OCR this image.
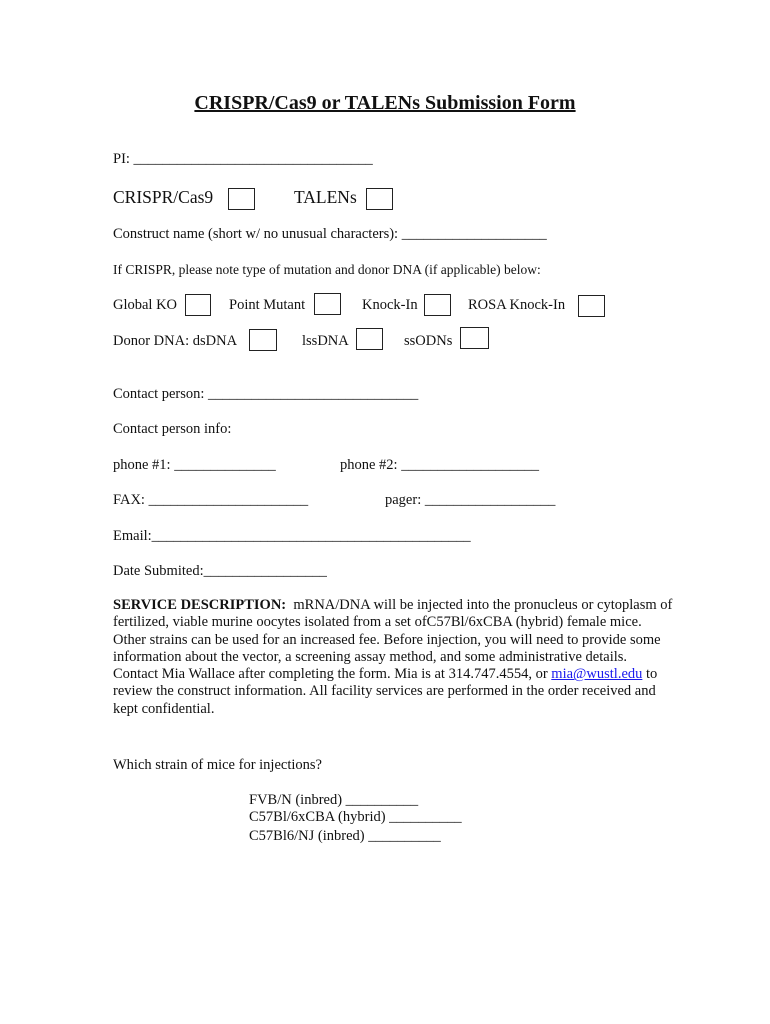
CRISPR/Cas9 or TALENs Submission Form
PI: _________________________________
CRISPR/Cas9	TALENs
Construct name (short w/ no unusual characters): ____________________
If CRISPR, please note type of mutation and donor DNA (if applicable) below:
Global KO	Point Mutant	Knock-In	ROSA Knock-In
Donor DNA: dsDNA	lssDNA	ssODNs
Contact person: _____________________________
Contact person info:
phone #1: ______________	phone #2: ___________________
FAX: ______________________	pager: __________________
Email:____________________________________________
Date Submited:_________________
SERVICE DESCRIPTION: mRNA/DNA will be injected into the pronucleus or cytoplasm of fertilized, viable murine oocytes isolated from a set ofC57Bl/6xCBA (hybrid) female mice. Other strains can be used for an increased fee. Before injection, you will need to provide some information about the vector, a screening assay method, and some administrative details. Contact Mia Wallace after completing the form. Mia is at 314.747.4554, or mia@wustl.edu to review the construct information. All facility services are performed in the order received and kept confidential.
Which strain of mice for injections?
FVB/N (inbred) __________
C57Bl/6xCBA (hybrid) __________
C57Bl6/NJ (inbred) __________
